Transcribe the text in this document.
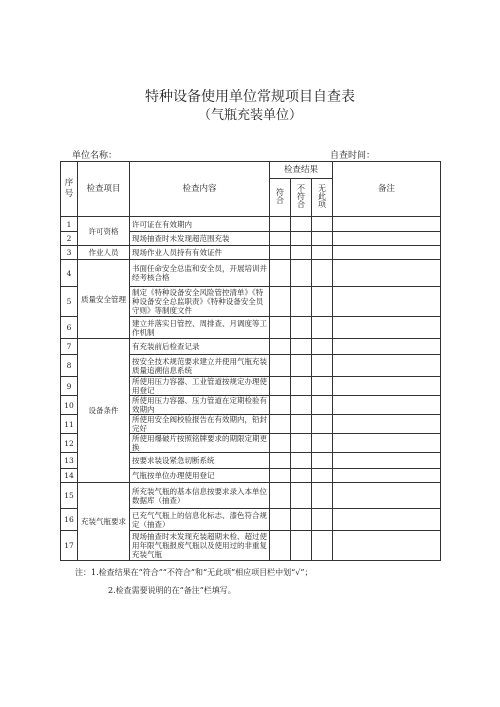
特种设备使用单位常规项目自查表
（气瓶充装单位）
单位名称：	自查时间：
序号	检查项目	检查内容	检查结果			备注
			符合	不符合	无此项	
1	许可资格	许可证在有效期内				
2		现场抽查时未发现超范围充装				
3	作业人员	现场作业人员持有有效证件				
4	质量安全管理	书面任命安全总监和安全员，开展培训并经考核合格				
5		制定《特种设备安全风险管控清单》《特种设备安全总监职责》《特种设备安全员守则》等制度文件				
6		建立并落实日管控、周排查、月调度等工作机制				
7	设备条件	有充装前后检查记录				
8		按安全技术规范要求建立并使用气瓶充装质量追溯信息系统				
9		所使用压力容器、工业管道按规定办理使用登记				
10		所使用压力容器、压力管道在定期检验有效期内				
11		所使用安全阀校验报告在有效期内，铅封完好				
12		所使用爆破片按照铭牌要求的期限定期更换				
13		按要求装设紧急切断系统				
14		气瓶按单位办理使用登记				
15	充装气瓶要求	所充装气瓶的基本信息按要求录入本单位数据库（抽查）				
16		已充气气瓶上的信息化标志、漆色符合规定（抽查）				
17		现场抽查时未发现充装超期未检、超过使用年限气瓶报废气瓶以及使用过的非重复充装气瓶				
注：1.检查结果在“符合”“不符合”和“无此项”相应项目栏中划“√”；
2.检查需要说明的在“备注”栏填写。
